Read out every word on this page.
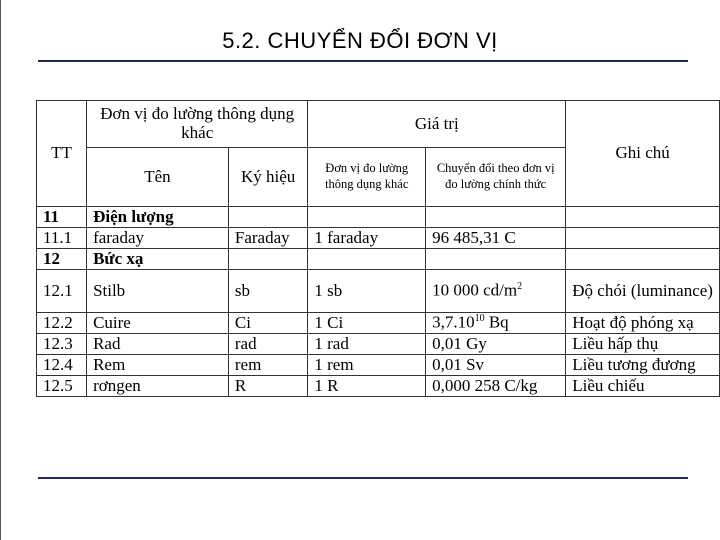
5.2. CHUYỂN ĐỔI ĐƠN VỊ
TT	Đơn vị đo lường thông dụng khác		Giá trị		Ghi chú
	Tên	Ký hiệu	Đơn vị đo lường thông dụng khác	Chuyển đổi theo đơn vị đo lường chính thức	
11	Điện lượng				
11.1	faraday	Faraday	1 faraday	96 485,31 C	
12	Bức xạ				
12.1	Stilb	sb	1 sb	10 000 $cd/m^2$	Độ chói (luminance)
12.2	Cuire	Ci	1 Ci	3,7.10$^{10}$ Bq	Hoạt độ phóng xạ
12.3	Rad	rad	1 rad	0,01 Gy	Liều hấp thụ
12.4	Rem	rem	1 rem	0,01 Sv	Liều tương đương
12.5	rơngen	R	1 R	0,000 258 C/kg	Liều chiếu
